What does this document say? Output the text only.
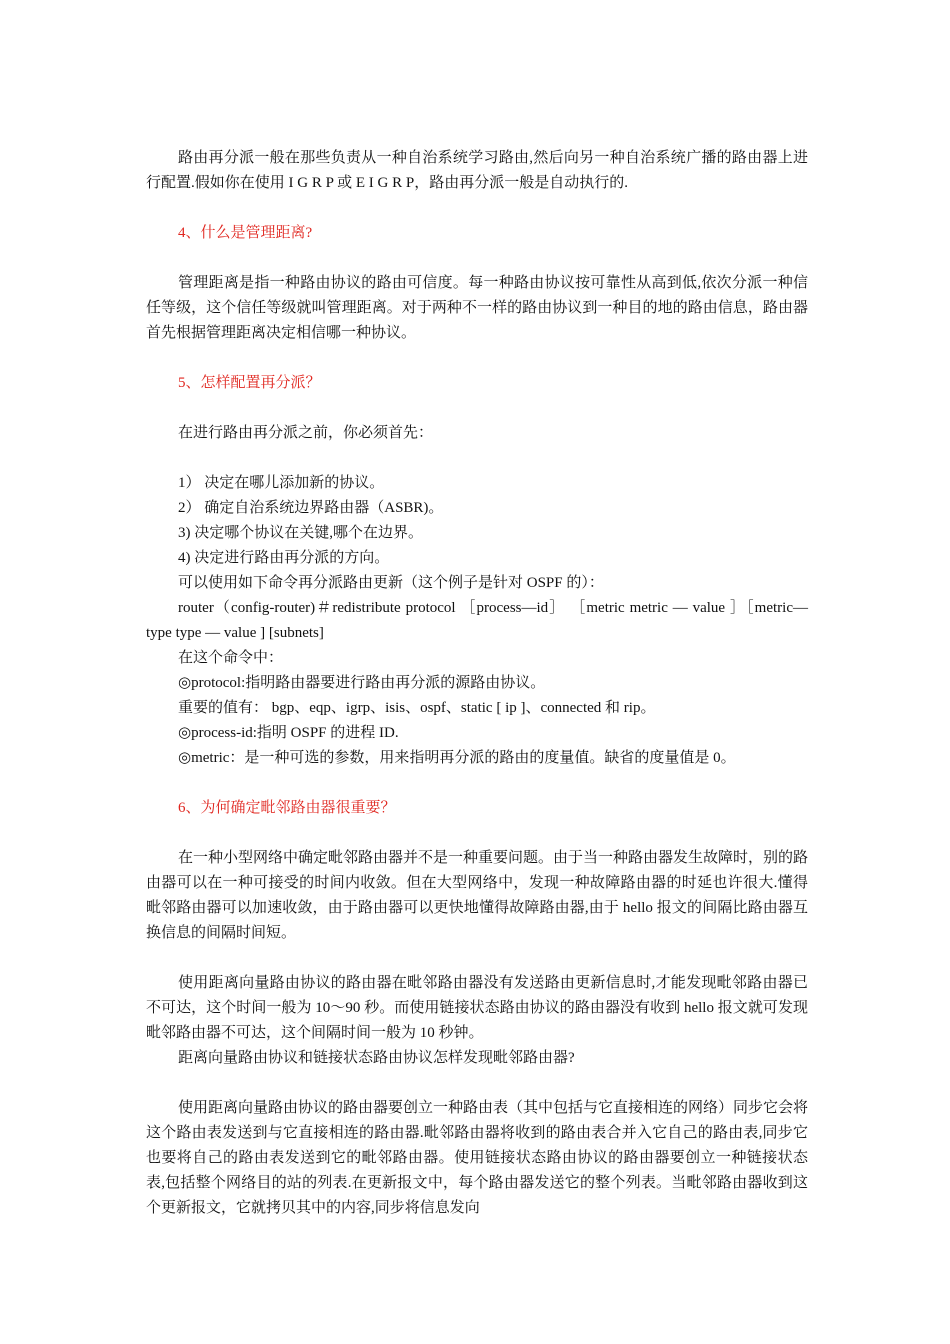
路由再分派一般在那些负责从一种自治系统学习路由,然后向另一种自治系统广播的路由器上进行配置.假如你在使用 I G R P 或 E I G R P，路由再分派一般是自动执行的.

4、什么是管理距离?

管理距离是指一种路由协议的路由可信度。每一种路由协议按可靠性从高到低,依次分派一种信任等级，这个信任等级就叫管理距离。对于两种不一样的路由协议到一种目的地的路由信息，路由器首先根据管理距离决定相信哪一种协议。

5、怎样配置再分派？

在进行路由再分派之前，你必须首先：

1） 决定在哪儿添加新的协议。

2） 确定自治系统边界路由器（ASBR)。

3) 决定哪个协议在关键,哪个在边界。

4) 决定进行路由再分派的方向。

可以使用如下命令再分派路由更新（这个例子是针对 OSPF 的）：

router（config-router)＃redistribute protocol ［process—id］ ［metric metric — value ］［metric—type type — value ] [subnets]

在这个命令中：

◎protocol:指明路由器要进行路由再分派的源路由协议。

重要的值有： bgp、eqp、igrp、isis、ospf、static [ ip ]、connected 和 rip。

◎process-id:指明 OSPF 的进程 ID.

◎metric：是一种可选的参数，用来指明再分派的路由的度量值。缺省的度量值是 0。

6、为何确定毗邻路由器很重要？

在一种小型网络中确定毗邻路由器并不是一种重要问题。由于当一种路由器发生故障时，别的路由器可以在一种可接受的时间内收敛。但在大型网络中，发现一种故障路由器的时延也许很大.懂得毗邻路由器可以加速收敛，由于路由器可以更快地懂得故障路由器,由于 hello 报文的间隔比路由器互换信息的间隔时间短。

使用距离向量路由协议的路由器在毗邻路由器没有发送路由更新信息时,才能发现毗邻路由器已不可达，这个时间一般为 10～90 秒。而使用链接状态路由协议的路由器没有收到 hello 报文就可发现毗邻路由器不可达，这个间隔时间一般为 10 秒钟。

距离向量路由协议和链接状态路由协议怎样发现毗邻路由器?

使用距离向量路由协议的路由器要创立一种路由表（其中包括与它直接相连的网络）同步它会将这个路由表发送到与它直接相连的路由器.毗邻路由器将收到的路由表合并入它自己的路由表,同步它也要将自己的路由表发送到它的毗邻路由器。使用链接状态路由协议的路由器要创立一种链接状态表,包括整个网络目的站的列表.在更新报文中，每个路由器发送它的整个列表。当毗邻路由器收到这个更新报文，它就拷贝其中的内容,同步将信息发向
